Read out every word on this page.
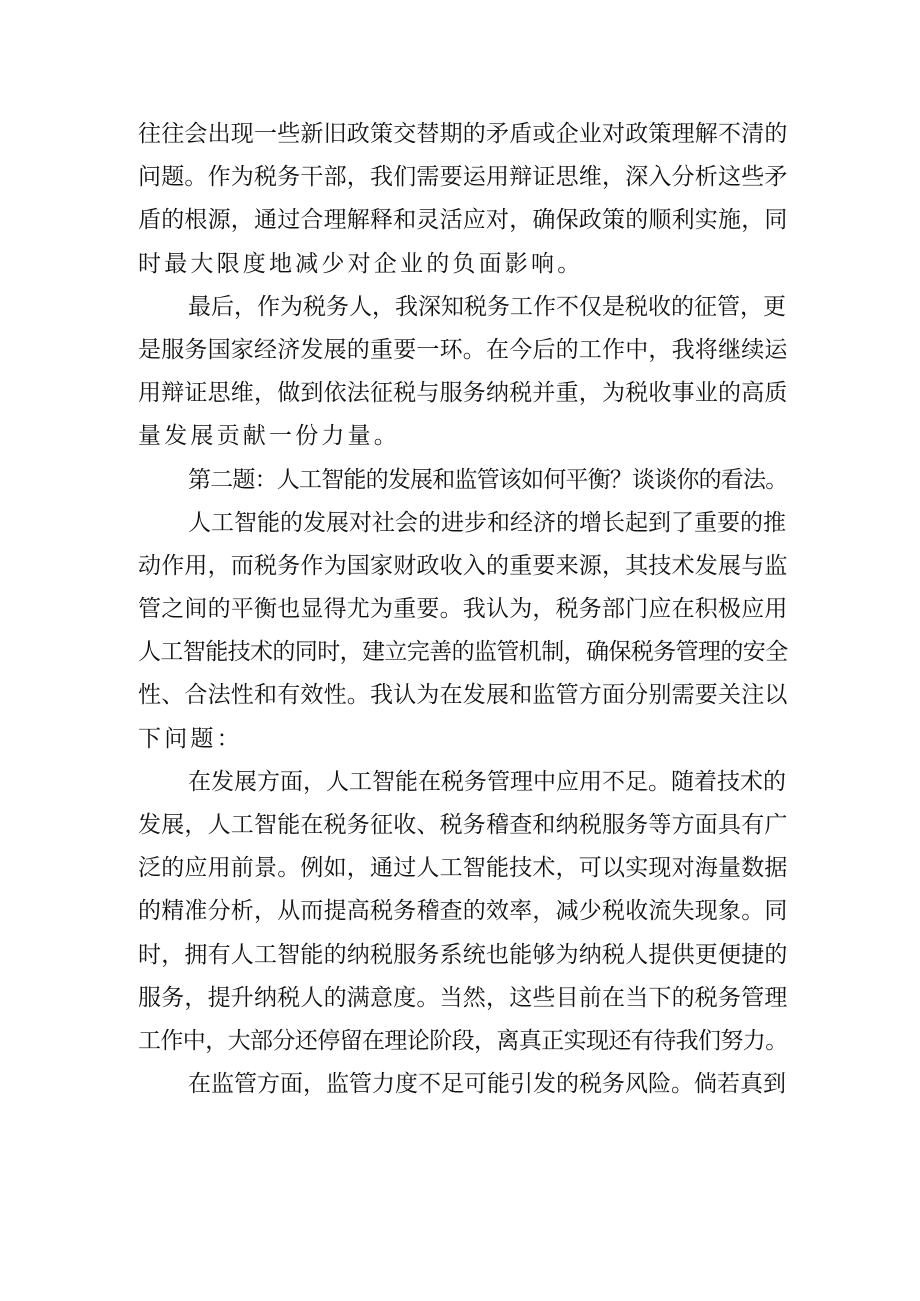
往往会出现一些新旧政策交替期的矛盾或企业对政策理解不清的
问题。作为税务干部，我们需要运用辩证思维，深入分析这些矛
盾的根源，通过合理解释和灵活应对，确保政策的顺利实施，同
时最大限度地减少对企业的负面影响。
最后，作为税务人，我深知税务工作不仅是税收的征管，更
是服务国家经济发展的重要一环。在今后的工作中，我将继续运
用辩证思维，做到依法征税与服务纳税并重，为税收事业的高质
量发展贡献一份力量。
第二题：人工智能的发展和监管该如何平衡？谈谈你的看法。
人工智能的发展对社会的进步和经济的增长起到了重要的推
动作用，而税务作为国家财政收入的重要来源，其技术发展与监
管之间的平衡也显得尤为重要。我认为，税务部门应在积极应用
人工智能技术的同时，建立完善的监管机制，确保税务管理的安全
性、合法性和有效性。我认为在发展和监管方面分别需要关注以
下问题：
在发展方面，人工智能在税务管理中应用不足。随着技术的
发展，人工智能在税务征收、税务稽查和纳税服务等方面具有广
泛的应用前景。例如，通过人工智能技术，可以实现对海量数据
的精准分析，从而提高税务稽查的效率，减少税收流失现象。同
时，拥有人工智能的纳税服务系统也能够为纳税人提供更便捷的
服务，提升纳税人的满意度。当然，这些目前在当下的税务管理
工作中，大部分还停留在理论阶段，离真正实现还有待我们努力。
在监管方面，监管力度不足可能引发的税务风险。倘若真到
